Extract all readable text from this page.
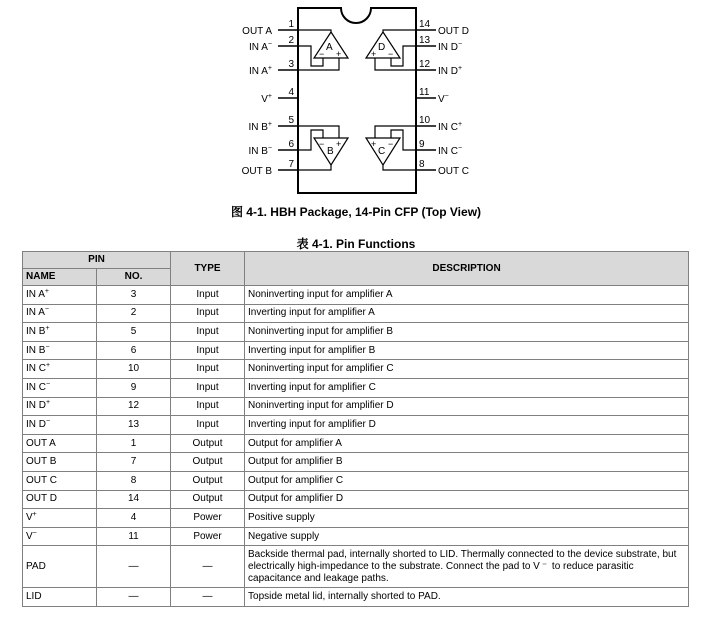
A
− +
D
+ −
B
− +
C
+ −
1
OUT A
2
IN A−
3
IN A+
4
V+
5
IN B+
6
IN B−
7
OUT B
14
OUT D
13
IN D−
12
IN D+
11
V−
10
IN C+
9
IN C−
8
OUT C
图 4-1. HBH Package, 14-Pin CFP (Top View)
表 4-1. Pin Functions
PIN		TYPE	DESCRIPTION
NAME	NO.		
IN A+	3	Input	Noninverting input for amplifier A
IN A−	2	Input	Inverting input for amplifier A
IN B+	5	Input	Noninverting input for amplifier B
IN B−	6	Input	Inverting input for amplifier B
IN C+	10	Input	Noninverting input for amplifier C
IN C−	9	Input	Inverting input for amplifier C
IN D+	12	Input	Noninverting input for amplifier D
IN D−	13	Input	Inverting input for amplifier D
OUT A	1	Output	Output for amplifier A
OUT B	7	Output	Output for amplifier B
OUT C	8	Output	Output for amplifier C
OUT D	14	Output	Output for amplifier D
V+	4	Power	Positive supply
V−	11	Power	Negative supply
PAD	—	—	Backside thermal pad, internally shorted to LID. Thermally connected to the device substrate, but electrically high-impedance to the substrate. Connect the pad to V ⁻  to reduce parasitic capacitance and leakage paths.
LID	—	—	Topside metal lid, internally shorted to PAD.
